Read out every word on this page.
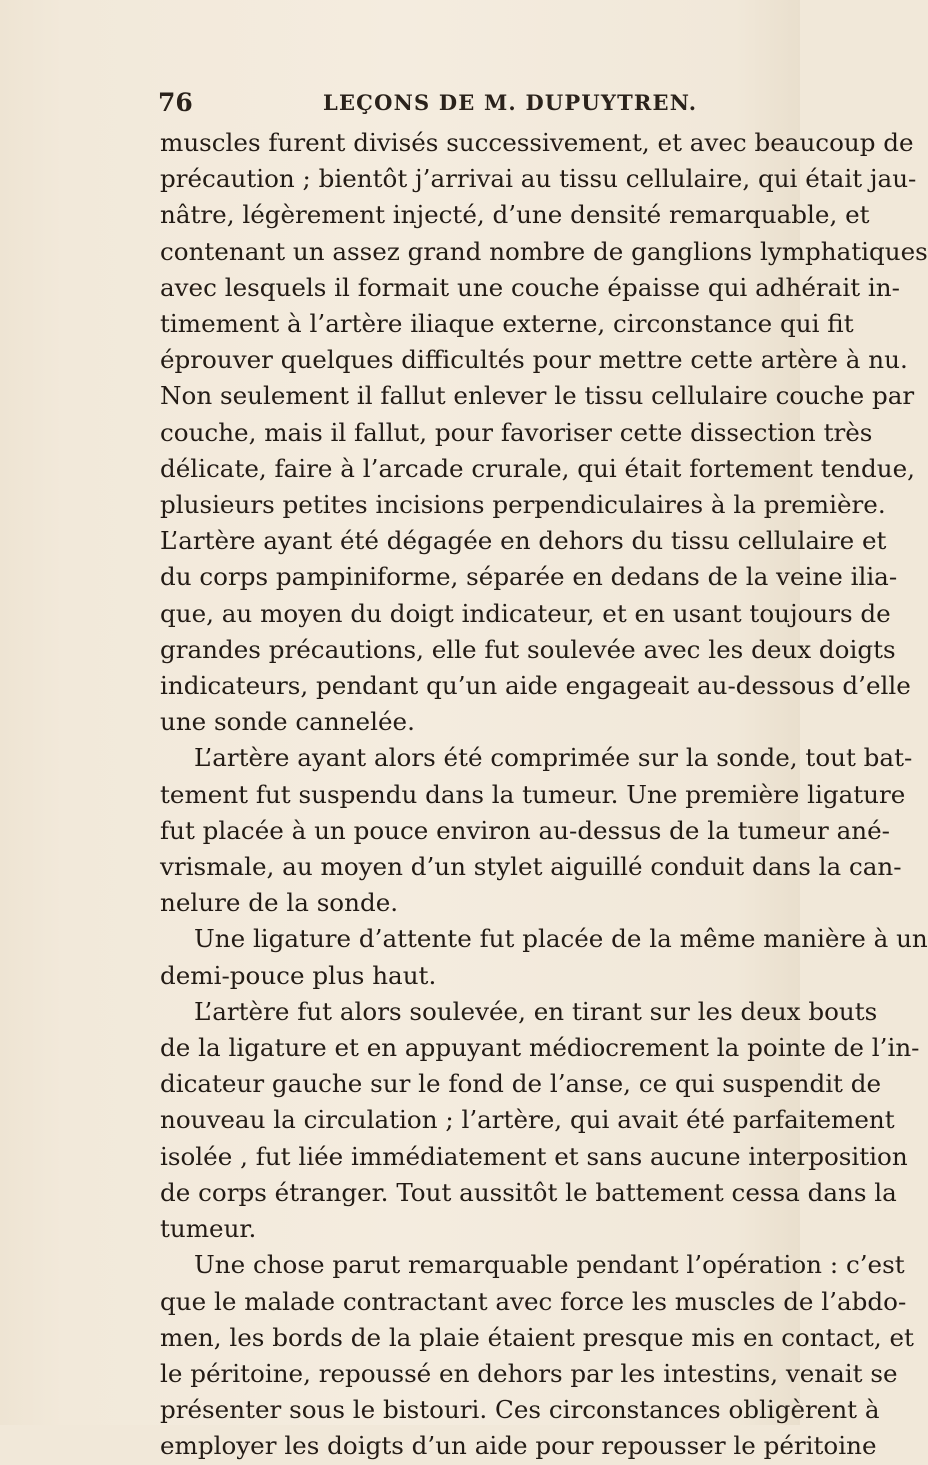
76	LEÇONS DE M. DUPUYTREN.
muscles furent divisés successivement, et avec beaucoup de
précaution ; bientôt j’arrivai au tissu cellulaire, qui était jau-
nâtre, légèrement injecté, d’une densité remarquable, et
contenant un assez grand nombre de ganglions lymphatiques
avec lesquels il formait une couche épaisse qui adhérait in-
timement à l’artère iliaque externe, circonstance qui fit
éprouver quelques difficultés pour mettre cette artère à nu.
Non seulement il fallut enlever le tissu cellulaire couche par
couche, mais il fallut, pour favoriser cette dissection très
délicate, faire à l’arcade crurale, qui était fortement tendue,
plusieurs petites incisions perpendiculaires à la première.
L’artère ayant été dégagée en dehors du tissu cellulaire et
du corps pampiniforme, séparée en dedans de la veine ilia-
que, au moyen du doigt indicateur, et en usant toujours de
grandes précautions, elle fut soulevée avec les deux doigts
indicateurs, pendant qu’un aide engageait au-dessous d’elle
une sonde cannelée.
L’artère ayant alors été comprimée sur la sonde, tout bat-
tement fut suspendu dans la tumeur. Une première ligature
fut placée à un pouce environ au-dessus de la tumeur ané-
vrismale, au moyen d’un stylet aiguillé conduit dans la can-
nelure de la sonde.
Une ligature d’attente fut placée de la même manière à un
demi-pouce plus haut.
L’artère fut alors soulevée, en tirant sur les deux bouts
de la ligature et en appuyant médiocrement la pointe de l’in-
dicateur gauche sur le fond de l’anse, ce qui suspendit de
nouveau la circulation ; l’artère, qui avait été parfaitement
isolée , fut liée immédiatement et sans aucune interposition
de corps étranger. Tout aussitôt le battement cessa dans la
tumeur.
Une chose parut remarquable pendant l’opération : c’est
que le malade contractant avec force les muscles de l’abdo-
men, les bords de la plaie étaient presque mis en contact, et
le péritoine, repoussé en dehors par les intestins, venait se
présenter sous le bistouri. Ces circonstances obligèrent à
employer les doigts d’un aide pour repousser le péritoine
